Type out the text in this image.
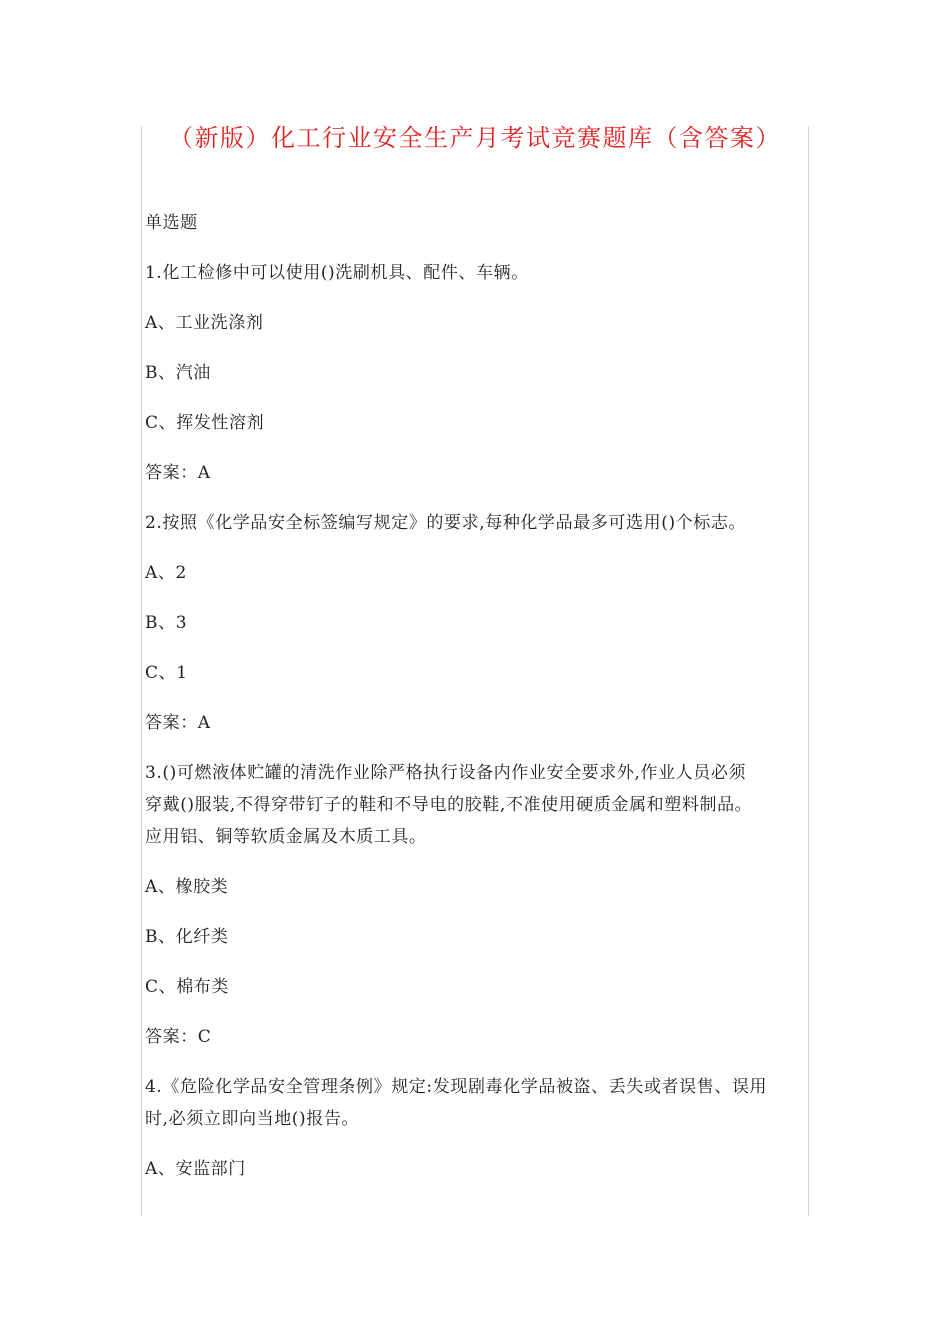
（新版）化工行业安全生产月考试竞赛题库（含答案）
单选题
1.化工检修中可以使用()洗刷机具、配件、车辆。
A、工业洗涤剂
B、汽油
C、挥发性溶剂
答案：A
2.按照《化学品安全标签编写规定》的要求,每种化学品最多可选用()个标志。
A、2
B、3
C、1
答案：A
3.()可燃液体贮罐的清洗作业除严格执行设备内作业安全要求外,作业人员必须
穿戴()服装,不得穿带钉子的鞋和不导电的胶鞋,不准使用硬质金属和塑料制品。
应用铝、铜等软质金属及木质工具。
A、橡胶类
B、化纤类
C、棉布类
答案：C
4.《危险化学品安全管理条例》规定:发现剧毒化学品被盗、丢失或者误售、误用
时,必须立即向当地()报告。
A、安监部门
